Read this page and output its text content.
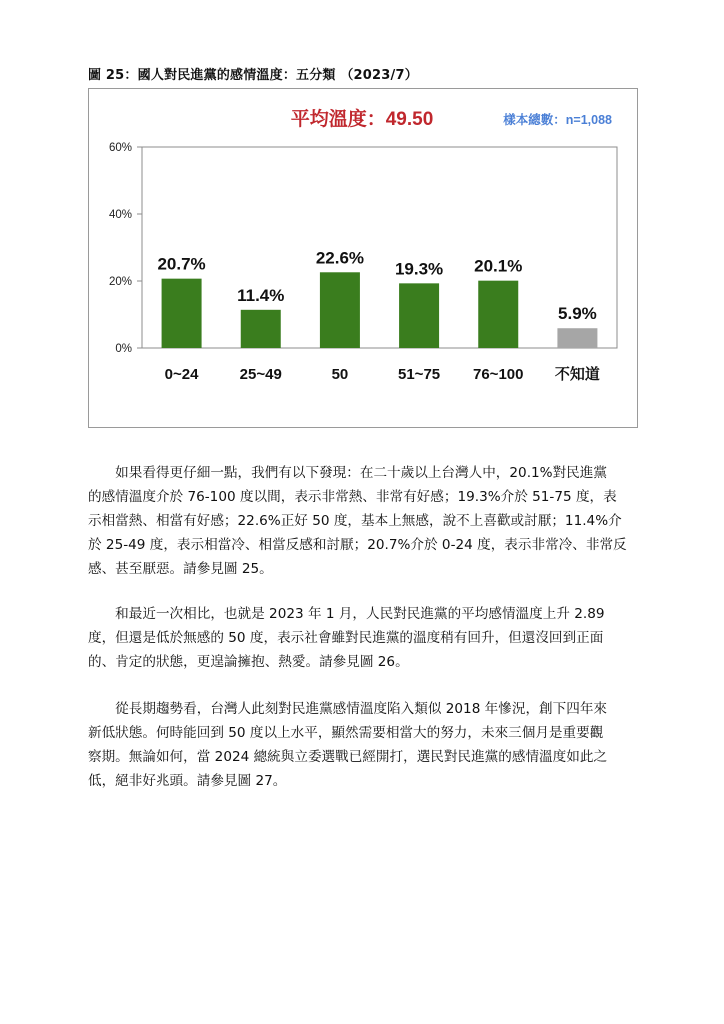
圖 25：國人對民進黨的感情溫度：五分類 （2023/7）
平均溫度：49.50	樣本總數：n=1,088
0%
20%
40%
60%
20.7%
0~24
11.4%
25~49
22.6%
50
19.3%
51~75
20.1%
76~100
5.9%
不知道
　　如果看得更仔細一點，我們有以下發現：在二十歲以上台灣人中，20.1%對民進黨
的感情溫度介於 76-100 度以間，表示非常熱、非常有好感；19.3%介於 51-75 度，表
示相當熱、相當有好感；22.6%正好 50 度，基本上無感，說不上喜歡或討厭；11.4%介
於 25-49 度，表示相當冷、相當反感和討厭；20.7%介於 0-24 度，表示非常冷、非常反
感、甚至厭惡。請參見圖 25。
　　和最近一次相比，也就是 2023 年 1 月，人民對民進黨的平均感情溫度上升 2.89
度，但還是低於無感的 50 度，表示社會雖對民進黨的溫度稍有回升，但還沒回到正面
的、肯定的狀態，更遑論擁抱、熱愛。請參見圖 26。
　　從長期趨勢看，台灣人此刻對民進黨感情溫度陷入類似 2018 年慘況，創下四年來
新低狀態。何時能回到 50 度以上水平，顯然需要相當大的努力，未來三個月是重要觀
察期。無論如何，當 2024 總統與立委選戰已經開打，選民對民進黨的感情溫度如此之
低，絕非好兆頭。請參見圖 27。
